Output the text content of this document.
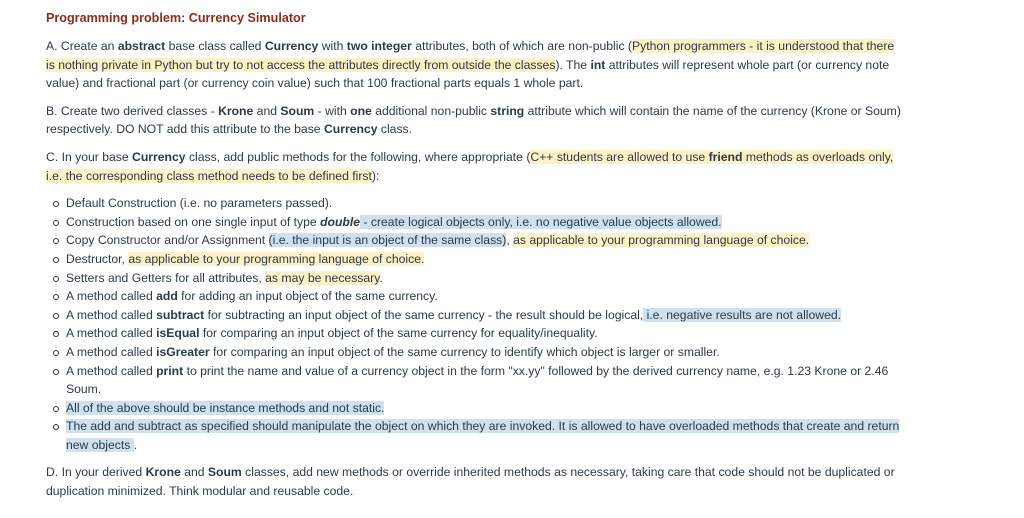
Programming problem: Currency Simulator

A. Create an abstract base class called Currency with two integer attributes, both of which are non-public (Python programmers - it is understood that there is nothing private in Python but try to not access the attributes directly from outside the classes). The int attributes will represent whole part (or currency note value) and fractional part (or currency coin value) such that 100 fractional parts equals 1 whole part.

B. Create two derived classes - Krone and Soum - with one additional non-public string attribute which will contain the name of the currency (Krone or Soum) respectively. DO NOT add this attribute to the base Currency class.

C. In your base Currency class, add public methods for the following, where appropriate (C++ students are allowed to use friend methods as overloads only, i.e. the corresponding class method needs to be defined first):

Default Construction (i.e. no parameters passed).
Construction based on one single input of type double - create logical objects only, i.e. no negative value objects allowed.
Copy Constructor and/or Assignment (i.e. the input is an object of the same class), as applicable to your programming language of choice.
Destructor, as applicable to your programming language of choice.
Setters and Getters for all attributes, as may be necessary.
A method called add for adding an input object of the same currency.
A method called subtract for subtracting an input object of the same currency - the result should be logical, i.e. negative results are not allowed.
A method called isEqual for comparing an input object of the same currency for equality/inequality.
A method called isGreater for comparing an input object of the same currency to identify which object is larger or smaller.
A method called print to print the name and value of a currency object in the form "xx.yy" followed by the derived currency name, e.g. 1.23 Krone or 2.46 Soum.
All of the above should be instance methods and not static.
The add and subtract as specified should manipulate the object on which they are invoked. It is allowed to have overloaded methods that create and return new objects .

D. In your derived Krone and Soum classes, add new methods or override inherited methods as necessary, taking care that code should not be duplicated or duplication minimized. Think modular and reusable code.
